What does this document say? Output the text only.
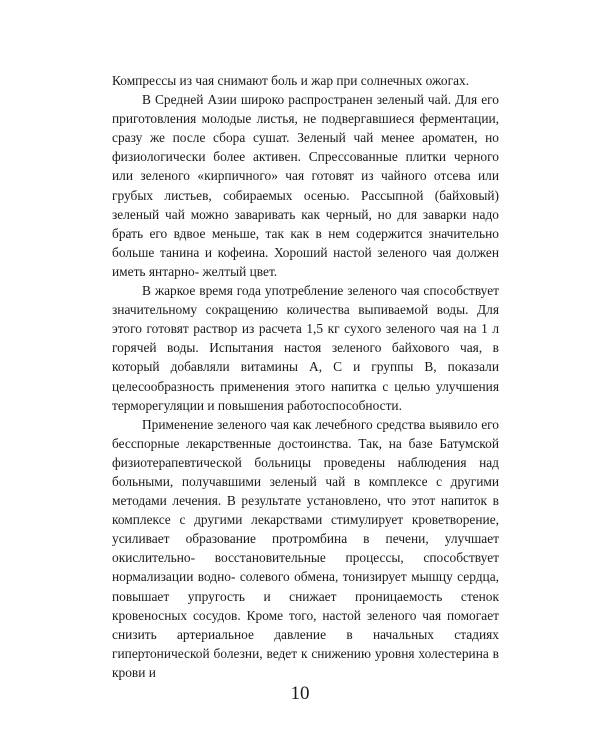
Компрессы из чая снимают боль и жар при солнечных ожогах.

В Средней Азии широко распространен зеленый чай. Для его приготовления молодые листья, не подвергавшиеся ферментации, сразу же после сбора сушат. Зеленый чай менее ароматен, но физиологически более активен. Спрессованные плитки черного или зеленого «кирпичного» чая готовят из чайного отсева или грубых листьев, собираемых осенью. Рассыпной (байховый) зеленый чай можно заваривать как черный, но для заварки надо брать его вдвое меньше, так как в нем содержится значительно больше танина и кофеина. Хороший настой зеленого чая должен иметь янтарно- желтый цвет.

В жаркое время года употребление зеленого чая способствует значительному сокращению количества выпиваемой воды. Для этого готовят раствор из расчета 1,5 кг сухого зеленого чая на 1 л горячей воды. Испытания настоя зеленого байхового чая, в который добавляли витамины А, С и группы В, показали целесообразность применения этого напитка с целью улучшения терморегуляции и повышения работоспособности.

Применение зеленого чая как лечебного средства выявило его бесспорные лекарственные достоинства. Так, на базе Батумской физиотерапевтической больницы проведены наблюдения над больными, получавшими зеленый чай в комплексе с другими методами лечения. В результате установлено, что этот напиток в комплексе с другими лекарствами стимулирует кроветворение, усиливает образование протромбина в печени, улучшает окислительно- восстановительные процессы, способствует нормализации водно- солевого обмена, тонизирует мышцу сердца, повышает упругость и снижает проницаемость стенок кровеносных сосудов. Кроме того, настой зеленого чая помогает снизить артериальное давление в начальных стадиях гипертонической болезни, ведет к снижению уровня холестерина в крови и

10
